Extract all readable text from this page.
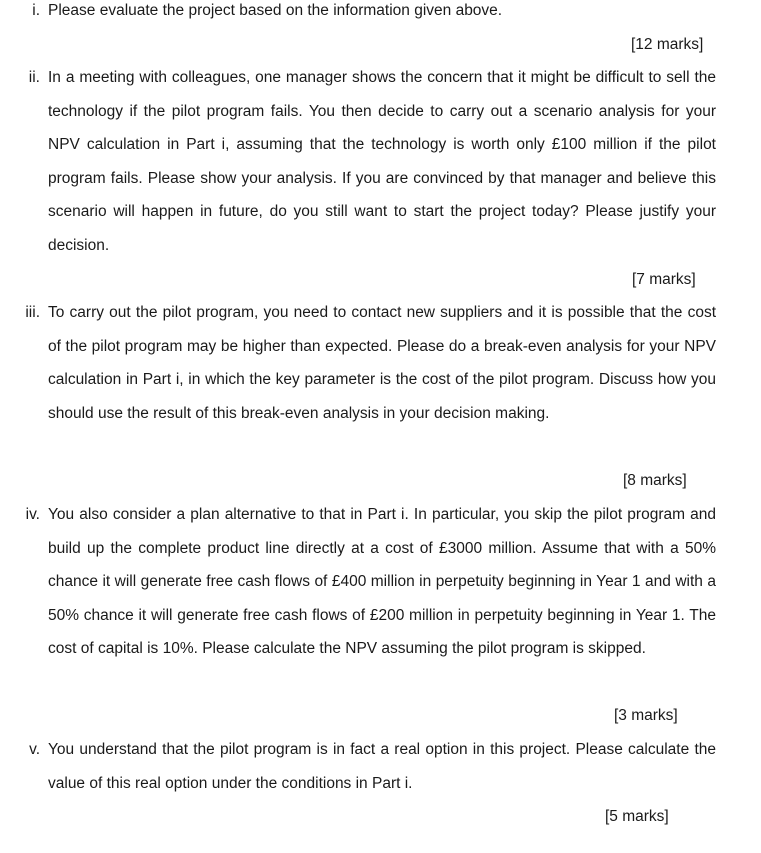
i. Please evaluate the project based on the information given above.
[12 marks]
ii. In a meeting with colleagues, one manager shows the concern that it might be difficult to sell the technology if the pilot program fails. You then decide to carry out a scenario analysis for your NPV calculation in Part i, assuming that the technology is worth only £100 million if the pilot program fails. Please show your analysis. If you are convinced by that manager and believe this scenario will happen in future, do you still want to start the project today? Please justify your decision.
[7 marks]
iii. To carry out the pilot program, you need to contact new suppliers and it is possible that the cost of the pilot program may be higher than expected. Please do a break-even analysis for your NPV calculation in Part i, in which the key parameter is the cost of the pilot program. Discuss how you should use the result of this break-even analysis in your decision making.
[8 marks]
iv. You also consider a plan alternative to that in Part i. In particular, you skip the pilot program and build up the complete product line directly at a cost of £3000 million. Assume that with a 50% chance it will generate free cash flows of £400 million in perpetuity beginning in Year 1 and with a 50% chance it will generate free cash flows of £200 million in perpetuity beginning in Year 1. The cost of capital is 10%. Please calculate the NPV assuming the pilot program is skipped.
[3 marks]
v. You understand that the pilot program is in fact a real option in this project. Please calculate the value of this real option under the conditions in Part i.
[5 marks]
